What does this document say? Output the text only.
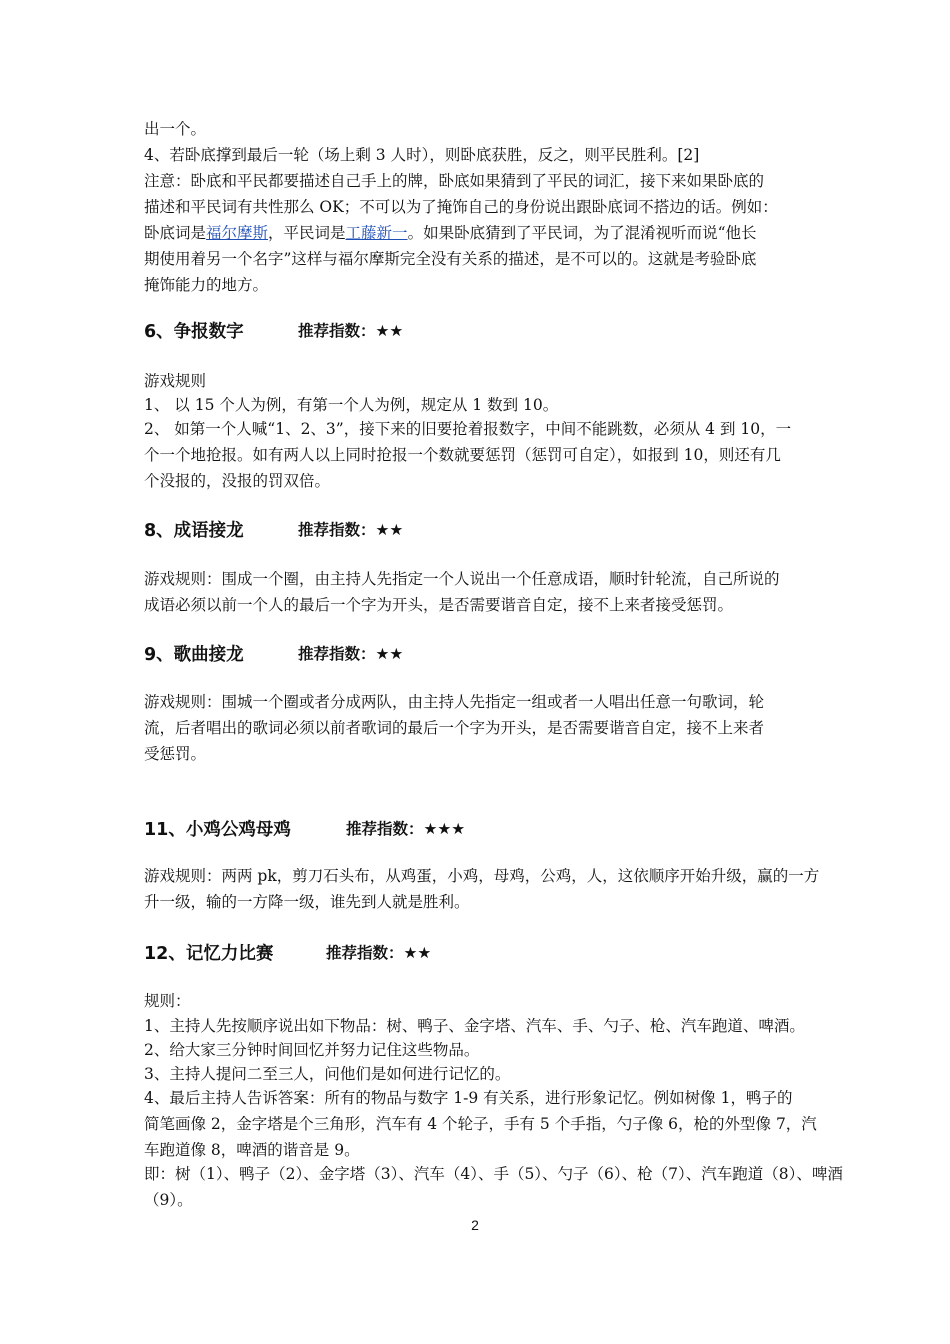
出一个。

4、若卧底撑到最后一轮（场上剩 3 人时），则卧底获胜，反之，则平民胜利。[2]

注意：卧底和平民都要描述自己手上的牌，卧底如果猜到了平民的词汇，接下来如果卧底的

描述和平民词有共性那么 OK；不可以为了掩饰自己的身份说出跟卧底词不搭边的话。例如：

卧底词是福尔摩斯，平民词是工藤新一。如果卧底猜到了平民词，为了混淆视听而说“他长

期使用着另一个名字”这样与福尔摩斯完全没有关系的描述，是不可以的。这就是考验卧底

掩饰能力的地方。

6、争报数字	推荐指数：★★

游戏规则

1、 以 15 个人为例，有第一个人为例，规定从 1 数到 10。

2、 如第一个人喊“1、2、3”，接下来的旧要抢着报数字，中间不能跳数，必须从 4 到 10，一

个一个地抢报。如有两人以上同时抢报一个数就要惩罚（惩罚可自定），如报到 10，则还有几

个没报的，没报的罚双倍。

8、成语接龙	推荐指数：★★

游戏规则：围成一个圈，由主持人先指定一个人说出一个任意成语，顺时针轮流，自己所说的

成语必须以前一个人的最后一个字为开头，是否需要谐音自定，接不上来者接受惩罚。

9、歌曲接龙	推荐指数：★★

游戏规则：围城一个圈或者分成两队，由主持人先指定一组或者一人唱出任意一句歌词，轮

流，后者唱出的歌词必须以前者歌词的最后一个字为开头，是否需要谐音自定，接不上来者

受惩罚。

11、小鸡公鸡母鸡	推荐指数：★★★

游戏规则：两两 pk，剪刀石头布，从鸡蛋，小鸡，母鸡，公鸡，人，这依顺序开始升级，赢的一方

升一级，输的一方降一级，谁先到人就是胜利。

12、记忆力比赛	推荐指数：★★

规则：

1、主持人先按顺序说出如下物品：树、鸭子、金字塔、汽车、手、勺子、枪、汽车跑道、啤酒。

2、给大家三分钟时间回忆并努力记住这些物品。

3、主持人提问二至三人，问他们是如何进行记忆的。

4、最后主持人告诉答案：所有的物品与数字 1-9 有关系，进行形象记忆。例如树像 1，鸭子的

简笔画像 2，金字塔是个三角形，汽车有 4 个轮子，手有 5 个手指，勺子像 6，枪的外型像 7，汽

车跑道像 8，啤酒的谐音是 9。

即：树（1）、鸭子（2）、金字塔（3）、汽车（4）、手（5）、勺子（6）、枪（7）、汽车跑道（8）、啤酒

（9）。

2
